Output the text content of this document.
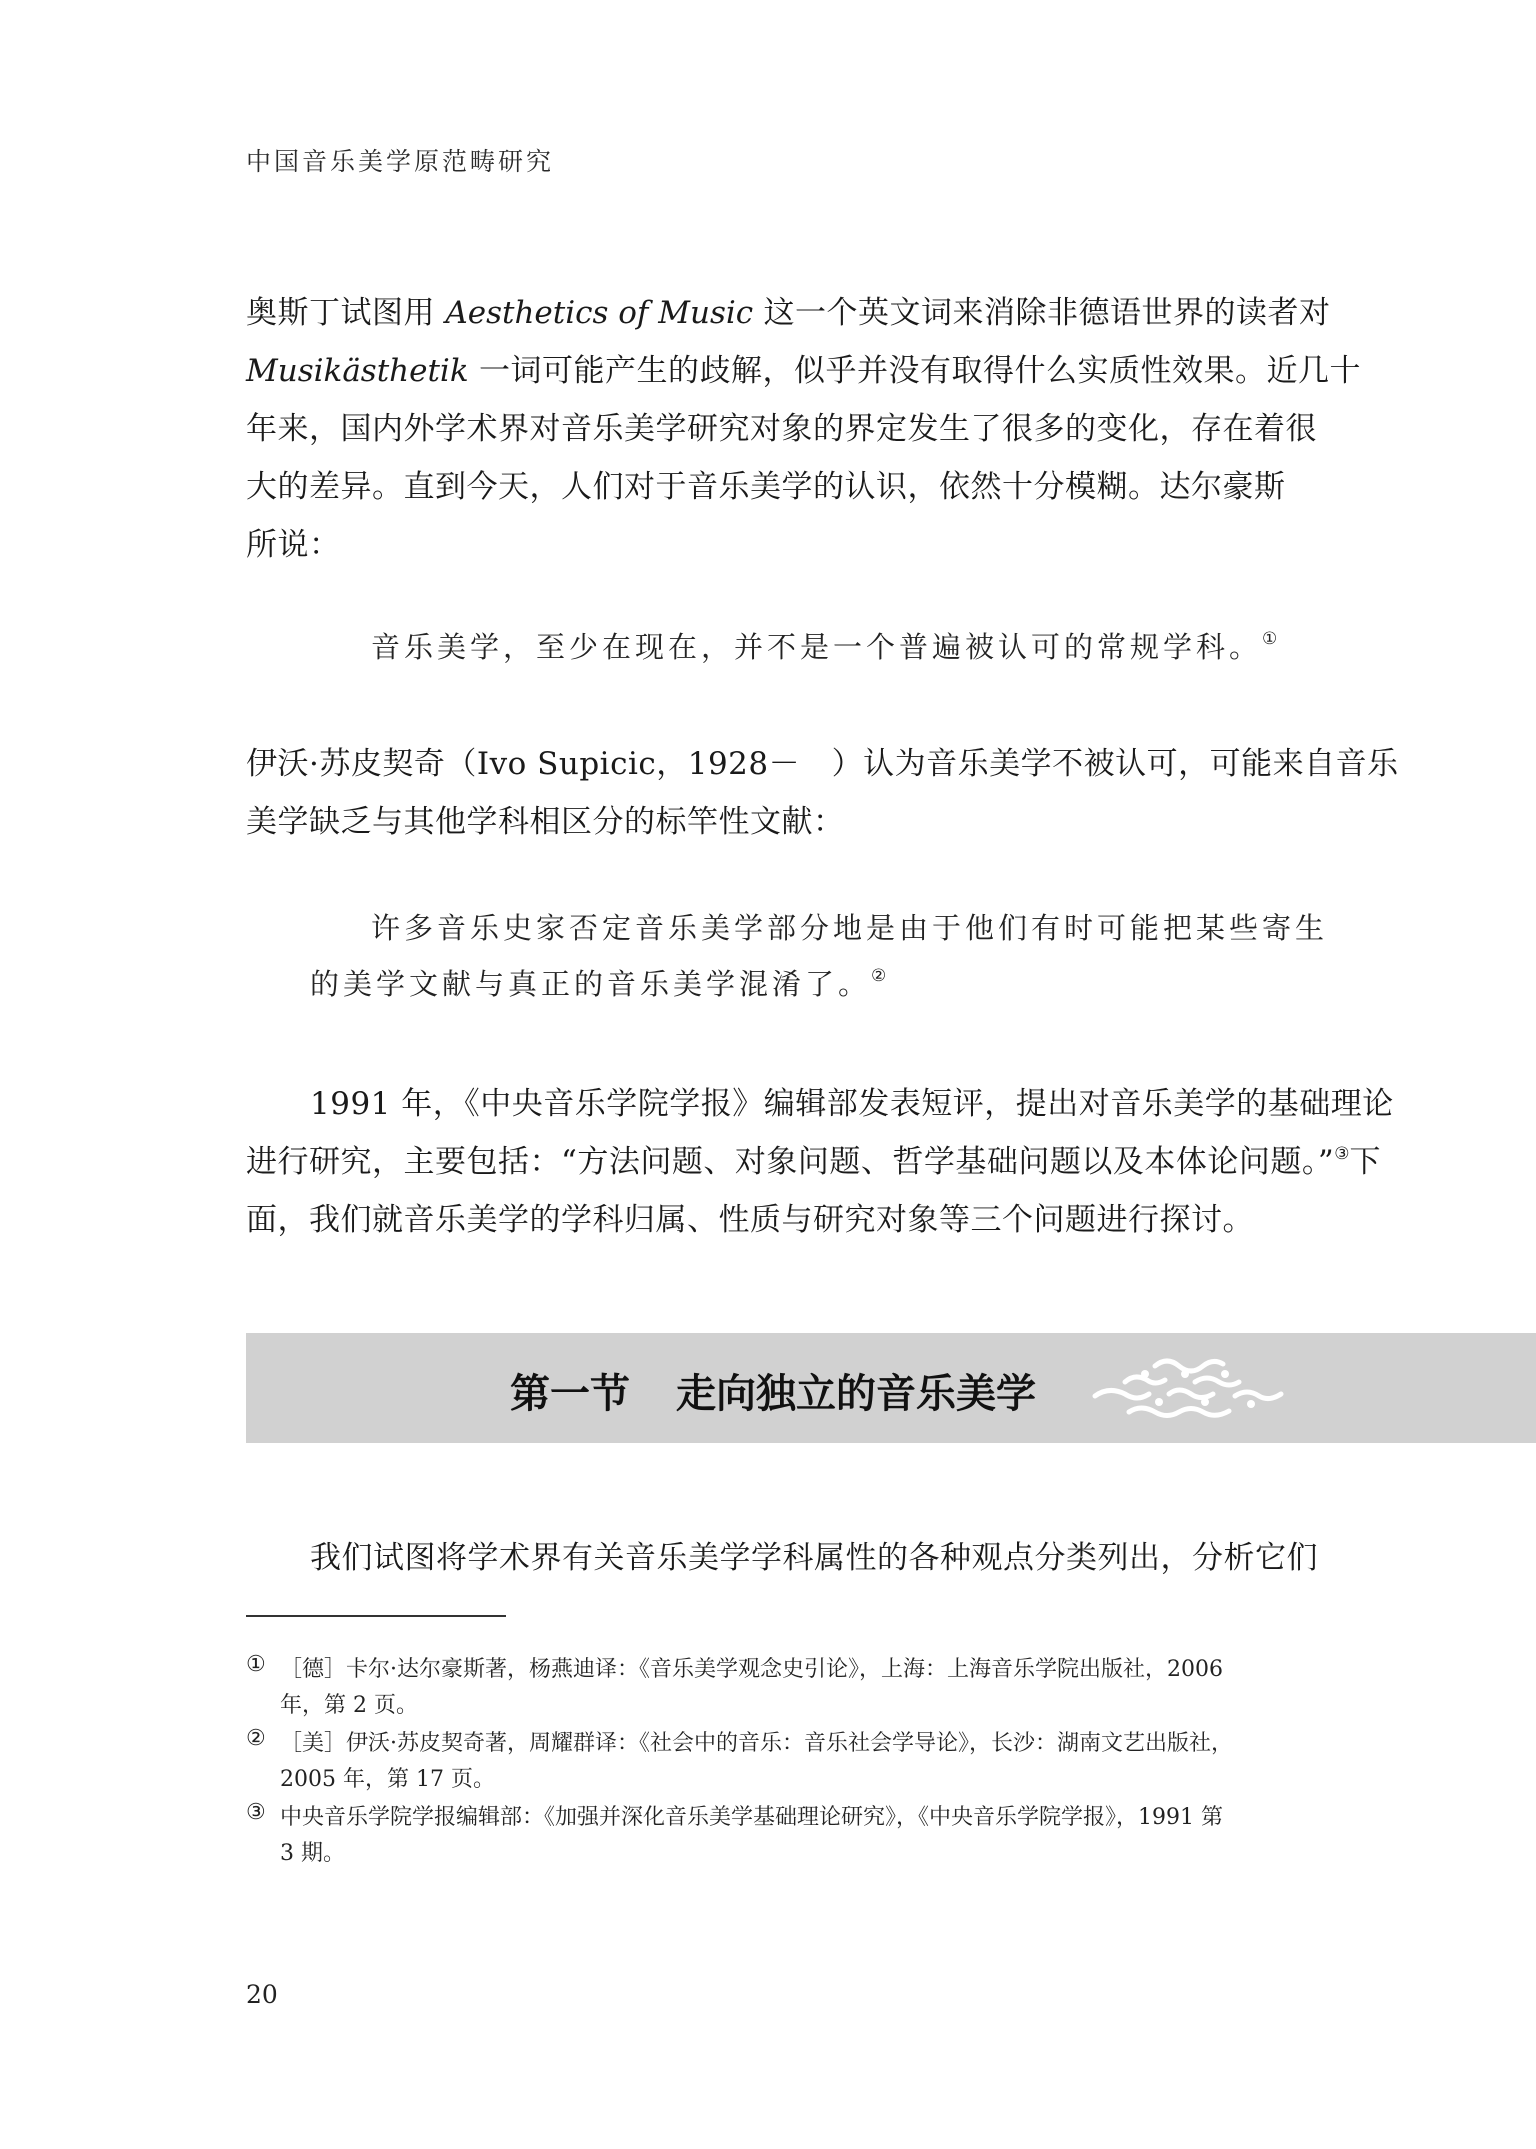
中国音乐美学原范畴研究
奥斯丁试图用 Aesthetics of Music 这一个英文词来消除非德语世界的读者对
Musikästhetik 一词可能产生的歧解，似乎并没有取得什么实质性效果。近几十
年来，国内外学术界对音乐美学研究对象的界定发生了很多的变化，存在着很
大的差异。直到今天，人们对于音乐美学的认识，依然十分模糊。达尔豪斯
所说：
音乐美学，至少在现在，并不是一个普遍被认可的常规学科。①
伊沃·苏皮契奇（Ivo Supicic，1928－　）认为音乐美学不被认可，可能来自音乐
美学缺乏与其他学科相区分的标竿性文献：
许多音乐史家否定音乐美学部分地是由于他们有时可能把某些寄生
的美学文献与真正的音乐美学混淆了。②
1991 年，《中央音乐学院学报》编辑部发表短评，提出对音乐美学的基础理论
进行研究，主要包括：“方法问题、对象问题、哲学基础问题以及本体论问题。”③下
面，我们就音乐美学的学科归属、性质与研究对象等三个问题进行探讨。
第一节 走向独立的音乐美学
我们试图将学术界有关音乐美学学科属性的各种观点分类列出，分析它们
① ［德］卡尔·达尔豪斯著，杨燕迪译：《音乐美学观念史引论》，上海：上海音乐学院出版社，2006
年，第 2 页。
② ［美］伊沃·苏皮契奇著，周耀群译：《社会中的音乐：音乐社会学导论》，长沙：湖南文艺出版社，
2005 年，第 17 页。
③ 中央音乐学院学报编辑部：《加强并深化音乐美学基础理论研究》，《中央音乐学院学报》，1991 第
3 期。
20
